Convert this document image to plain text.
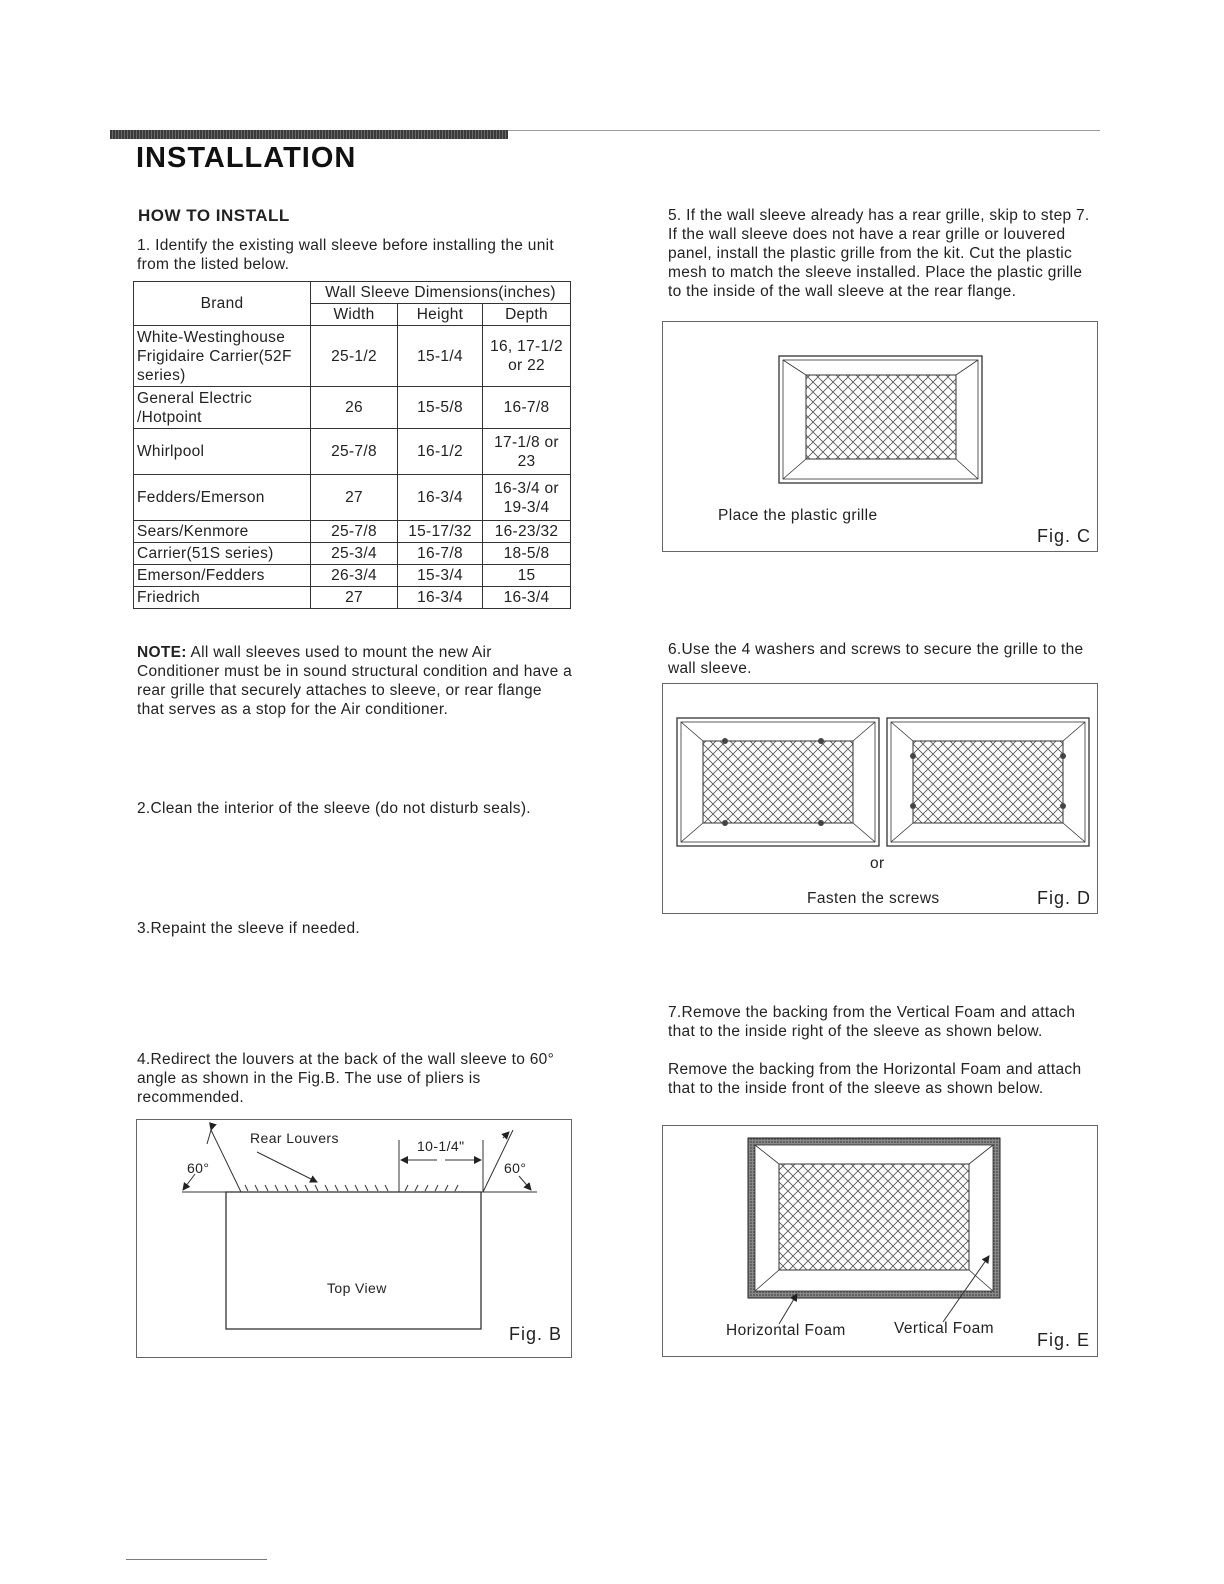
INSTALLATION
HOW TO INSTALL
1. Identify the existing wall sleeve before installing the unit from the listed below.
Brand	Wall Sleeve Dimensions(inches)		
	Width	Height	Depth
White-Westinghouse Frigidaire Carrier(52F series)	25-1/2	15-1/4	16, 17-1/2 or 22
General Electric /Hotpoint	26	15-5/8	16-7/8
Whirlpool	25-7/8	16-1/2	17-1/8 or 23
Fedders/Emerson	27	16-3/4	16-3/4 or 19-3/4
Sears/Kenmore	25-7/8	15-17/32	16-23/32
Carrier(51S series)	25-3/4	16-7/8	18-5/8
Emerson/Fedders	26-3/4	15-3/4	15
Friedrich	27	16-3/4	16-3/4
NOTE: All wall sleeves used to mount the new Air Conditioner must be in sound structural condition and have a rear grille that securely attaches to sleeve, or rear flange that serves as a stop for the Air conditioner.
2.Clean the interior of the sleeve (do not disturb seals).
3.Repaint the sleeve if needed.
4.Redirect the louvers at the back of the wall sleeve to 60° angle as shown in the Fig.B. The use of pliers is recommended.
Rear Louvers	10-1/4"
60°	60°
Top View
Fig. B
5. If the wall sleeve already has a rear grille, skip to step 7. If the wall sleeve does not have a rear grille or louvered panel, install the plastic grille from the kit. Cut the plastic mesh to match the sleeve installed. Place the plastic grille to the inside of the wall sleeve at the rear flange.
Place the plastic grille
Fig. C
6.Use the 4 washers and screws to secure the grille to the wall sleeve.
or
Fasten the screws	Fig. D
7.Remove the backing from the Vertical Foam and attach that to the inside right of the sleeve as shown below.
Remove the backing from the Horizontal Foam and attach that to the inside front of the sleeve as shown below.
Horizontal Foam	Vertical Foam
Fig. E
